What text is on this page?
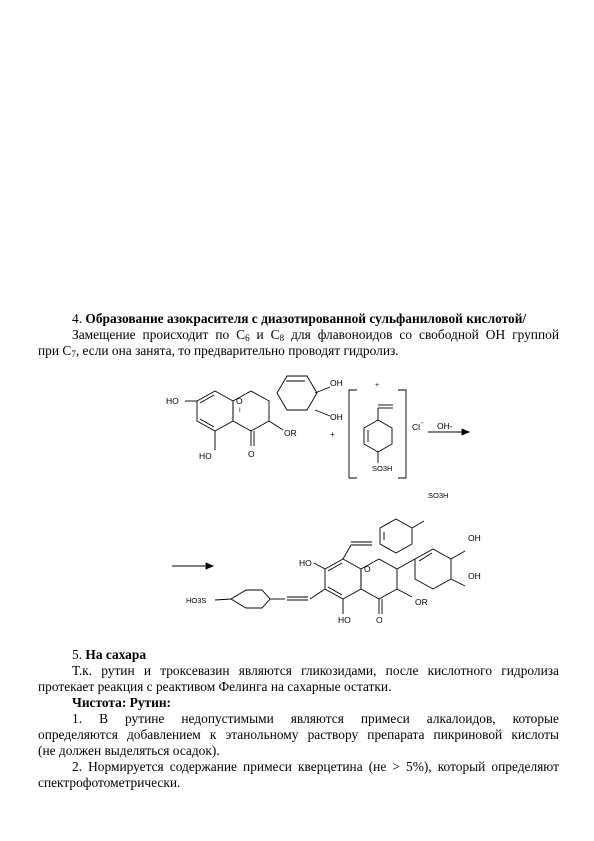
4. Образование азокрасителя с диазотированной сульфаниловой кислотой/
Замещение происходит по $С_6$ и $С_8$ для флавоноидов со свободной ОН группой
при $С_7$, если она занята, то предварительно проводят гидролиз.
HO
HO
O
I
O
OR
OH
OH
+
+
SO3H
Cl - OH-
SO3H
HO
O
OH
OH
OR
O
HO
HO3S
5. На сахара
Т.к. рутин и троксевазин являются гликозидами, после кислотного гидролиза
протекает реакция с реактивом Фелинга на сахарные остатки.
Чистота: Рутин:
1. В рутине недопустимыми являются примеси алкалоидов, которые
определяются добавлением к этанольному раствору препарата пикриновой кислоты
(не должен выделяться осадок).
2. Нормируется содержание примеси кверцетина (не > 5%), который определяют
спектрофотометрически.
